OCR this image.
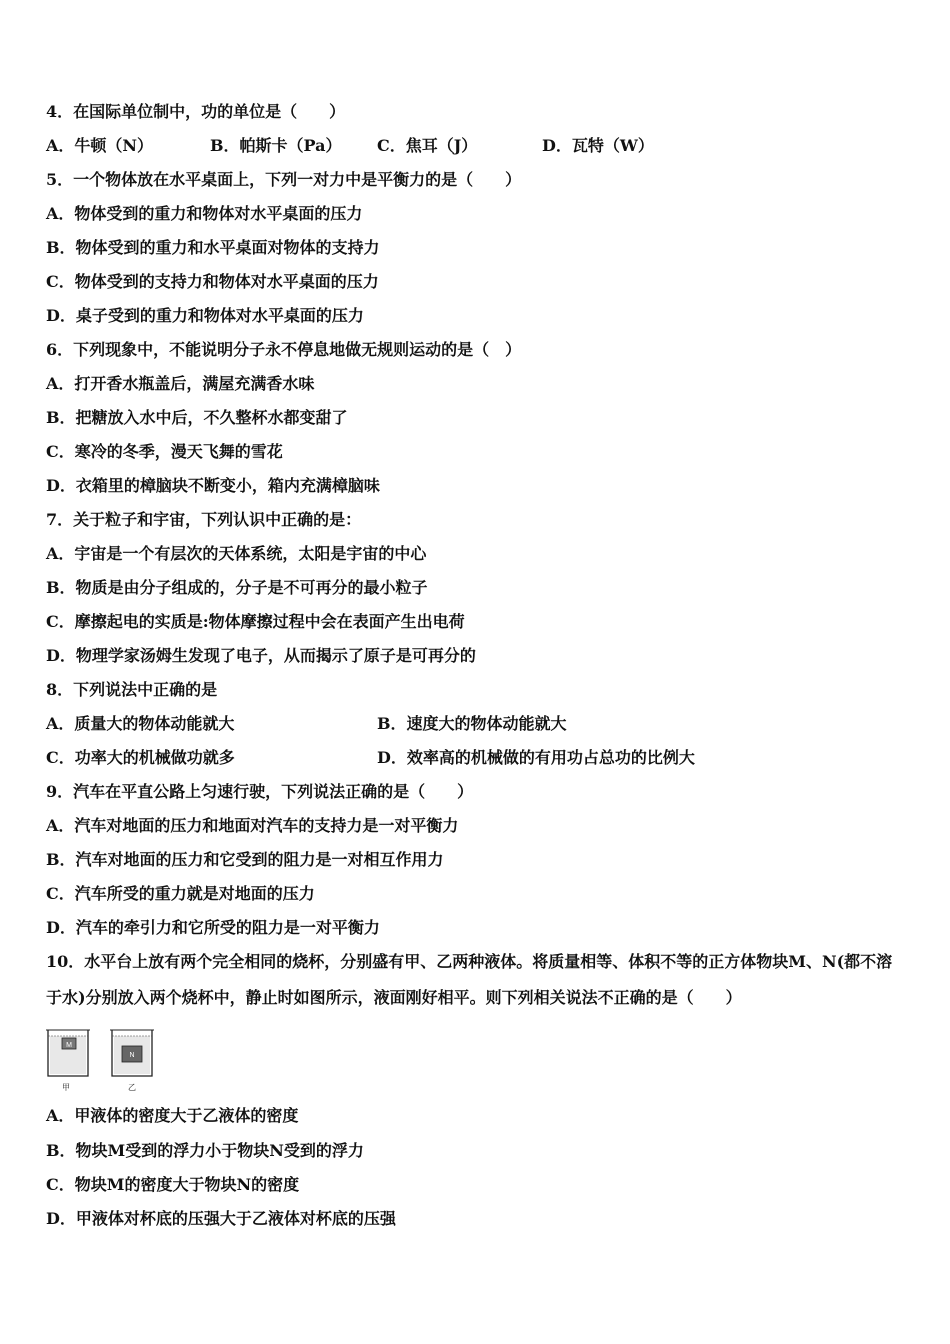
4．在国际单位制中，功的单位是（　　）
A．牛顿（N）	B．帕斯卡（Pa） C．焦耳（J）	D．瓦特（W）
5．一个物体放在水平桌面上，下列一对力中是平衡力的是（　　）
A．物体受到的重力和物体对水平桌面的压力
B．物体受到的重力和水平桌面对物体的支持力
C．物体受到的支持力和物体对水平桌面的压力
D．桌子受到的重力和物体对水平桌面的压力
6．下列现象中，不能说明分子永不停息地做无规则运动的是（　）
A．打开香水瓶盖后，满屋充满香水味
B．把糖放入水中后，不久整杯水都变甜了
C．寒冷的冬季，漫天飞舞的雪花
D．衣箱里的樟脑块不断变小，箱内充满樟脑味
7．关于粒子和宇宙，下列认识中正确的是：
A．宇宙是一个有层次的天体系统，太阳是宇宙的中心
B．物质是由分子组成的，分子是不可再分的最小粒子
C．摩擦起电的实质是:物体摩擦过程中会在表面产生出电荷
D．物理学家汤姆生发现了电子，从而揭示了原子是可再分的
8．下列说法中正确的是
A．质量大的物体动能就大	B．速度大的物体动能就大
C．功率大的机械做功就多	D．效率高的机械做的有用功占总功的比例大
9．汽车在平直公路上匀速行驶，下列说法正确的是（　　）
A．汽车对地面的压力和地面对汽车的支持力是一对平衡力
B．汽车对地面的压力和它受到的阻力是一对相互作用力
C．汽车所受的重力就是对地面的压力
D．汽车的牵引力和它所受的阻力是一对平衡力
10．水平台上放有两个完全相同的烧杯，分别盛有甲、乙两种液体。将质量相等、体积不等的正方体物块M、N(都不溶
于水)分别放入两个烧杯中，静止时如图所示，液面刚好相平。则下列相关说法不正确的是（　　）
M
甲
N
乙
A．甲液体的密度大于乙液体的密度
B．物块M受到的浮力小于物块N受到的浮力
C．物块M的密度大于物块N的密度
D．甲液体对杯底的压强大于乙液体对杯底的压强
